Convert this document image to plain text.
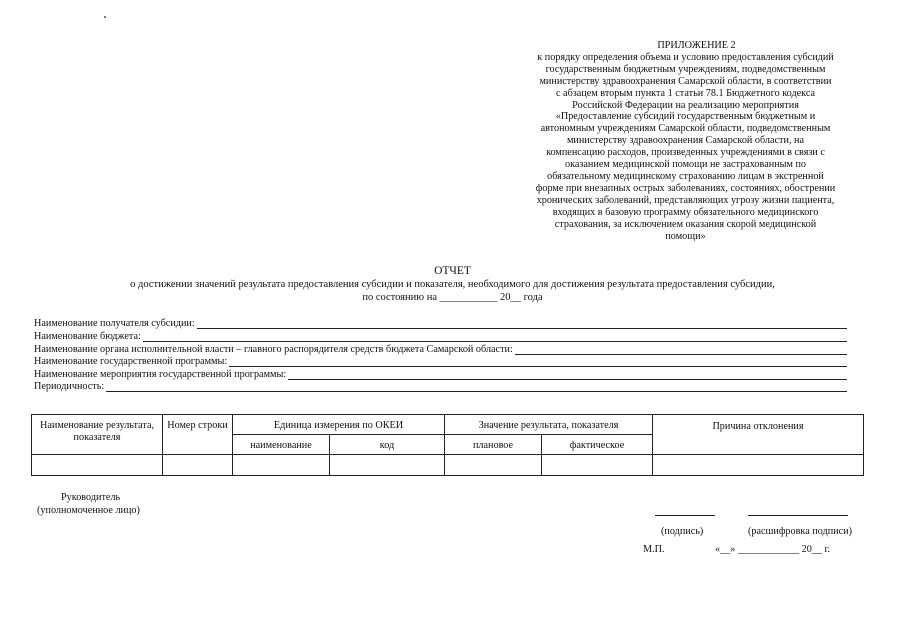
ПРИЛОЖЕНИЕ 2
к порядку определения объема и условию предоставления субсидий
государственным бюджетным учреждениям, подведомственным
министерству здравоохранения Самарской области, в соответствии
с абзацем вторым пункта 1 статьи 78.1 Бюджетного кодекса
Российской Федерации на реализацию мероприятия
«Предоставление субсидий государственным бюджетным и
автономным учреждениям Самарской области, подведомственным
министерству здравоохранения Самарской области, на
компенсацию расходов, произведенных учреждениями в связи с
оказанием медицинской помощи не застрахованным по
обязательному медицинскому страхованию лицам в экстренной
форме при внезапных острых заболеваниях, состояниях, обострении
хронических заболеваний, представляющих угрозу жизни пациента,
входящих в базовую программу обязательного медицинского
страхования, за исключением оказания скорой медицинской
помощи»
ОТЧЕТ
о достижении значений результата предоставления субсидии и показателя, необходимого для достижения результата предоставления субсидии,
по состоянию на ___________ 20__ года
Наименование получателя субсидии:
Наименование бюджета:
Наименование органа исполнительной власти – главного распорядителя средств бюджета Самарской области:
Наименование государственной программы:
Наименование мероприятия государственной программы:
Периодичность:
Наименование результата, показателя	Номер строки	Единица измерения по ОКЕИ		Значение результата, показателя		Причина отклонения
		наименование	код	плановое	фактическое	

Руководитель
(уполномоченное лицо)
(подпись)	(расшифровка подписи)
М.П.	«__» ____________ 20__ г.
